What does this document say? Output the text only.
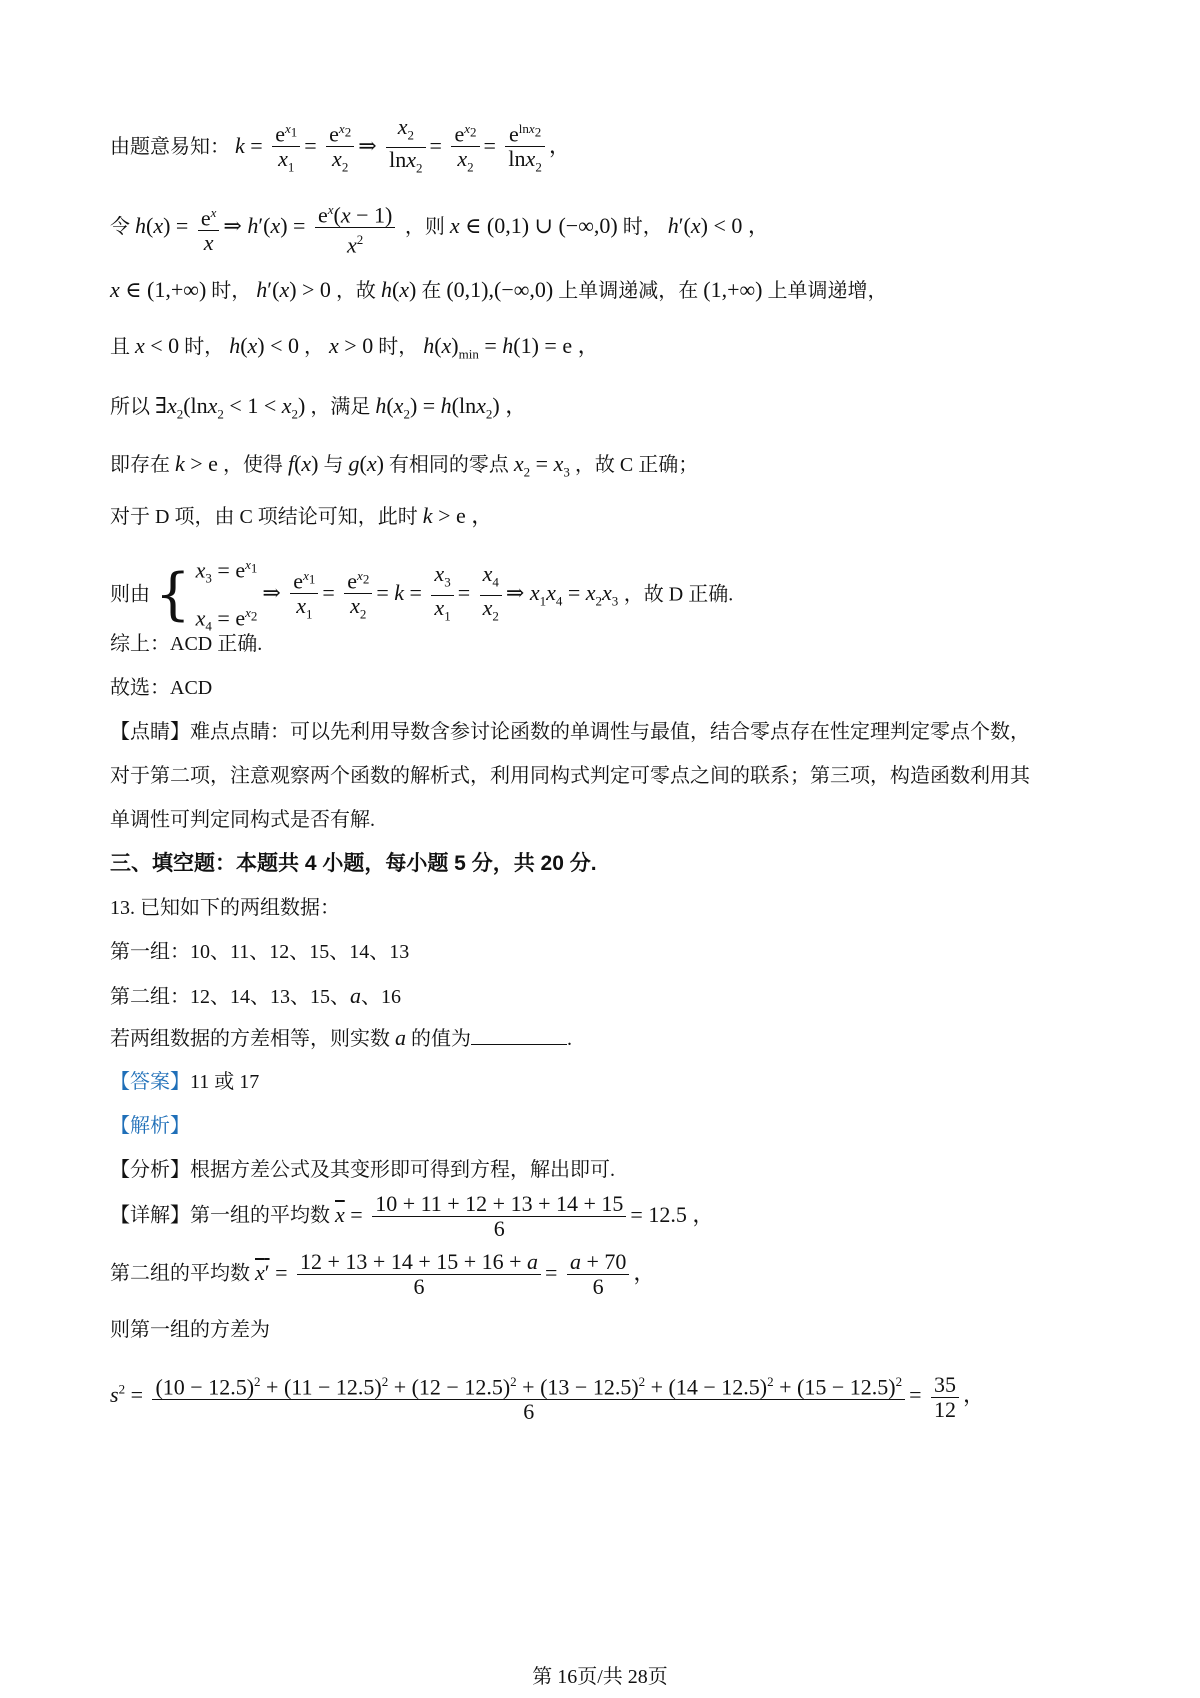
由题意易知： $k = \frac{e^{x_1}}{x_1} = \frac{e^{x_2}}{x_2}$ ⇒ $\frac{x_2}{\ln x_2} = \frac{e^{x_2}}{x_2} = \frac{e^{lnx_2}}{\ln x_2}$ ，
令 $h(x) = \frac{e^x}{x}$ ⇒ $h'(x) = \frac{e^x(x - 1)}{x^2}$ ，则 x ∈ (0,1) ∪ (−∞,0) 时， h′(x) < 0 ，
x ∈ (1,+∞) 时， h′(x) > 0 ，故 h(x) 在 (0,1),(−∞,0) 上单调递减，在 (1,+∞) 上单调递增，
且 x < 0 时， h(x) < 0 ， x > 0 时， $h(x)_{min} = h(1) = e$ ，
所以 $\exists x_2(\ln x_2 < 1 < x_2)$ ，满足 $h(x_2) = h(\ln x_2)$ ，
即存在 k > e ，使得 f(x) 与 g(x) 有相同的零点 $x_2 = x_3$ ，故 C 正确；
对于 D 项，由 C 项结论可知，此时 k > e ，
则由 { $x_3 = e^{x_1}$
$x_4 = e^{x_2}$
⇒ $\frac{e^{x_1}}{x_1} = \frac{e^{x_2}}{x_2} = k = \frac{x_3}{x_1} = \frac{x_4}{x_2}$ ⇒ $x_1x_4 = x_2x_3$ ，故 D 正确.
综上：ACD 正确.
故选：ACD
【点睛】难点点睛：可以先利用导数含参讨论函数的单调性与最值，结合零点存在性定理判定零点个数，
对于第二项，注意观察两个函数的解析式，利用同构式判定可零点之间的联系；第三项，构造函数利用其
单调性可判定同构式是否有解.
三、填空题：本题共 4 小题，每小题 5 分，共 20 分.
13. 已知如下的两组数据：
第一组：10、11、12、15、14、13
第二组：12、14、13、15、a、16
若两组数据的方差相等，则实数 a 的值为	.
【答案】11 或 17
【解析】
【分析】根据方差公式及其变形即可得到方程，解出即可.
【详解】第一组的平均数 $\overline{x} = \frac{10 + 11 + 12 + 13 + 14 + 15}{6} = 12.5$ ，
第二组的平均数 $x' = \frac{12 + 13 + 14 + 15 + 16 + a}{6} = \frac{a + 70}{6}$ ，
则第一组的方差为
$s^2 = (10 - 12.5)^2 + (11 - 12.5)^2 + (12 - 12.5)^2 + (13 - 12.5)^2 + (14 - 12.5)^2 + (15 - 12.5)^2$
6
= $\frac{35}{12}$ ，
第 16页/共 28页
